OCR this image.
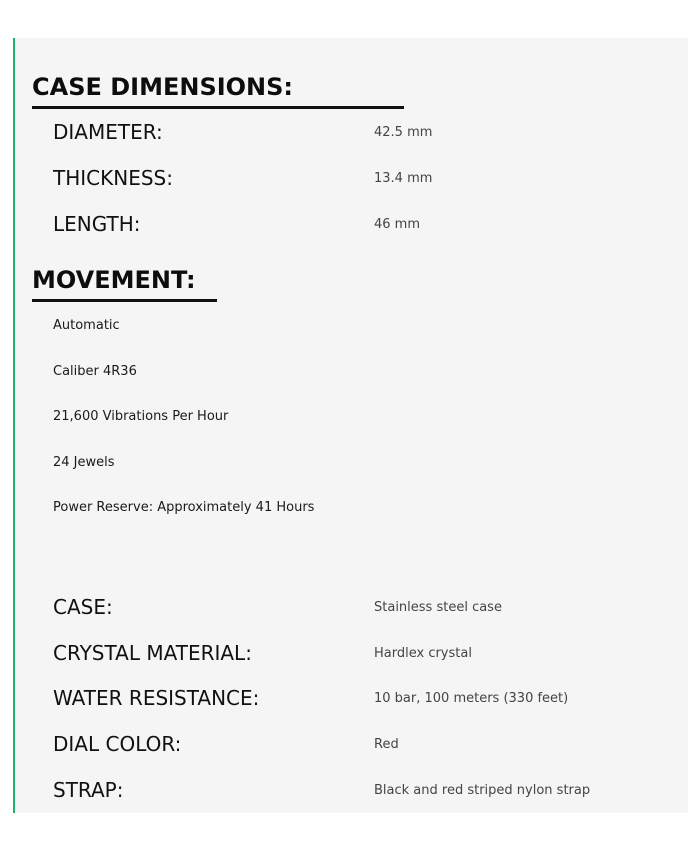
CASE DIMENSIONS:
DIAMETER:	42.5 mm
THICKNESS:	13.4 mm
LENGTH:	46 mm
MOVEMENT:
Automatic
Caliber 4R36
21,600 Vibrations Per Hour
24 Jewels
Power Reserve: Approximately 41 Hours
CASE:	Stainless steel case
CRYSTAL MATERIAL:	Hardlex crystal
WATER RESISTANCE:	10 bar, 100 meters (330 feet)
DIAL COLOR:	Red
STRAP:	Black and red striped nylon strap
